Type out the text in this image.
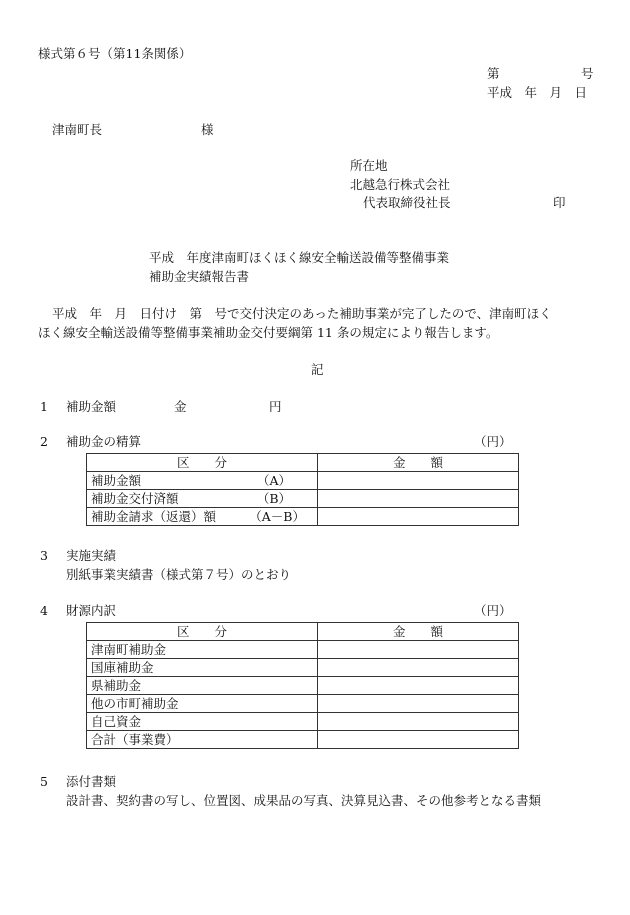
様式第６号（第11条関係）
第	号
平成　年　月　日
津南町長	様
所在地
北越急行株式会社
代表取締役社長	印
平成　年度津南町ほくほく線安全輸送設備等整備事業
補助金実績報告書
平成　年　月　日付け　第　号で交付決定のあった補助事業が完了したので、津南町ほく
ほく線安全輸送設備等整備事業補助金交付要綱第 11 条の規定により報告します。
記
1 補助金額	金	円
2 補助金の精算	（円）
区　　分	金　　額

補助金額 （A）	

補助金交付済額 （B）	

補助金請求（返還）額 （A－B）	

3 実施実績
別紙事業実績書（様式第７号）のとおり
4 財源内訳	（円）
区　　分	金　　額
津南町補助金	
国庫補助金	
県補助金	
他の市町補助金	
自己資金	
合計（事業費）	
5 添付書類
設計書、契約書の写し、位置図、成果品の写真、決算見込書、その他参考となる書類
